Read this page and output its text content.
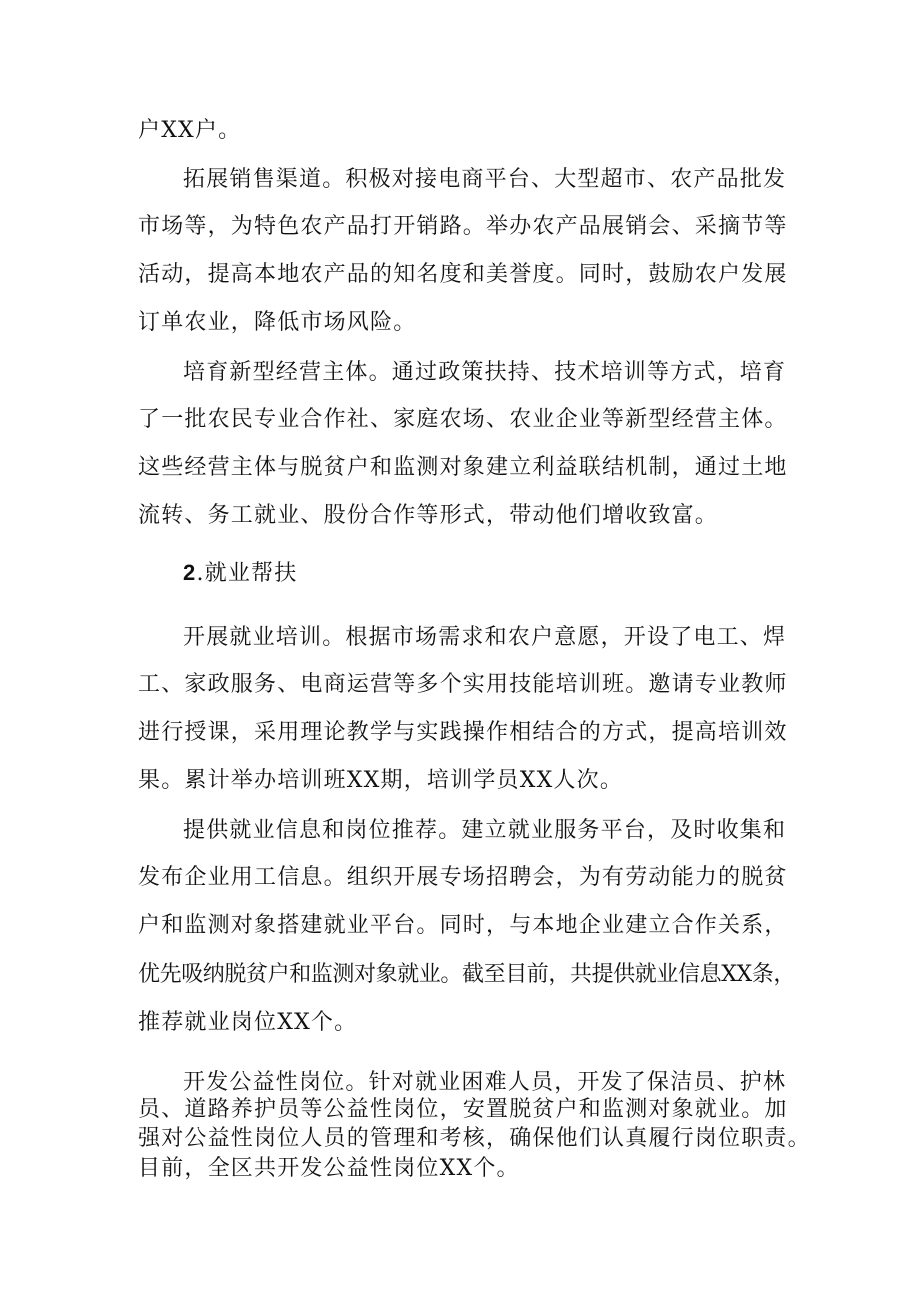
户XX户。

拓展销售渠道。积极对接电商平台、大型超市、农产品批发

市场等，为特色农产品打开销路。举办农产品展销会、采摘节等

活动，提高本地农产品的知名度和美誉度。同时，鼓励农户发展

订单农业，降低市场风险。

培育新型经营主体。通过政策扶持、技术培训等方式，培育

了一批农民专业合作社、家庭农场、农业企业等新型经营主体。

这些经营主体与脱贫户和监测对象建立利益联结机制，通过土地

流转、务工就业、股份合作等形式，带动他们增收致富。

2.就业帮扶

开展就业培训。根据市场需求和农户意愿，开设了电工、焊

工、家政服务、电商运营等多个实用技能培训班。邀请专业教师

进行授课，采用理论教学与实践操作相结合的方式，提高培训效

果。累计举办培训班XX期，培训学员XX人次。

提供就业信息和岗位推荐。建立就业服务平台，及时收集和

发布企业用工信息。组织开展专场招聘会，为有劳动能力的脱贫

户和监测对象搭建就业平台。同时，与本地企业建立合作关系，

优先吸纳脱贫户和监测对象就业。截至目前，共提供就业信息XX条，

推荐就业岗位XX个。

开发公益性岗位。针对就业困难人员，开发了保洁员、护林

员、道路养护员等公益性岗位，安置脱贫户和监测对象就业。加

强对公益性岗位人员的管理和考核，确保他们认真履行岗位职责。

目前，全区共开发公益性岗位XX个。
